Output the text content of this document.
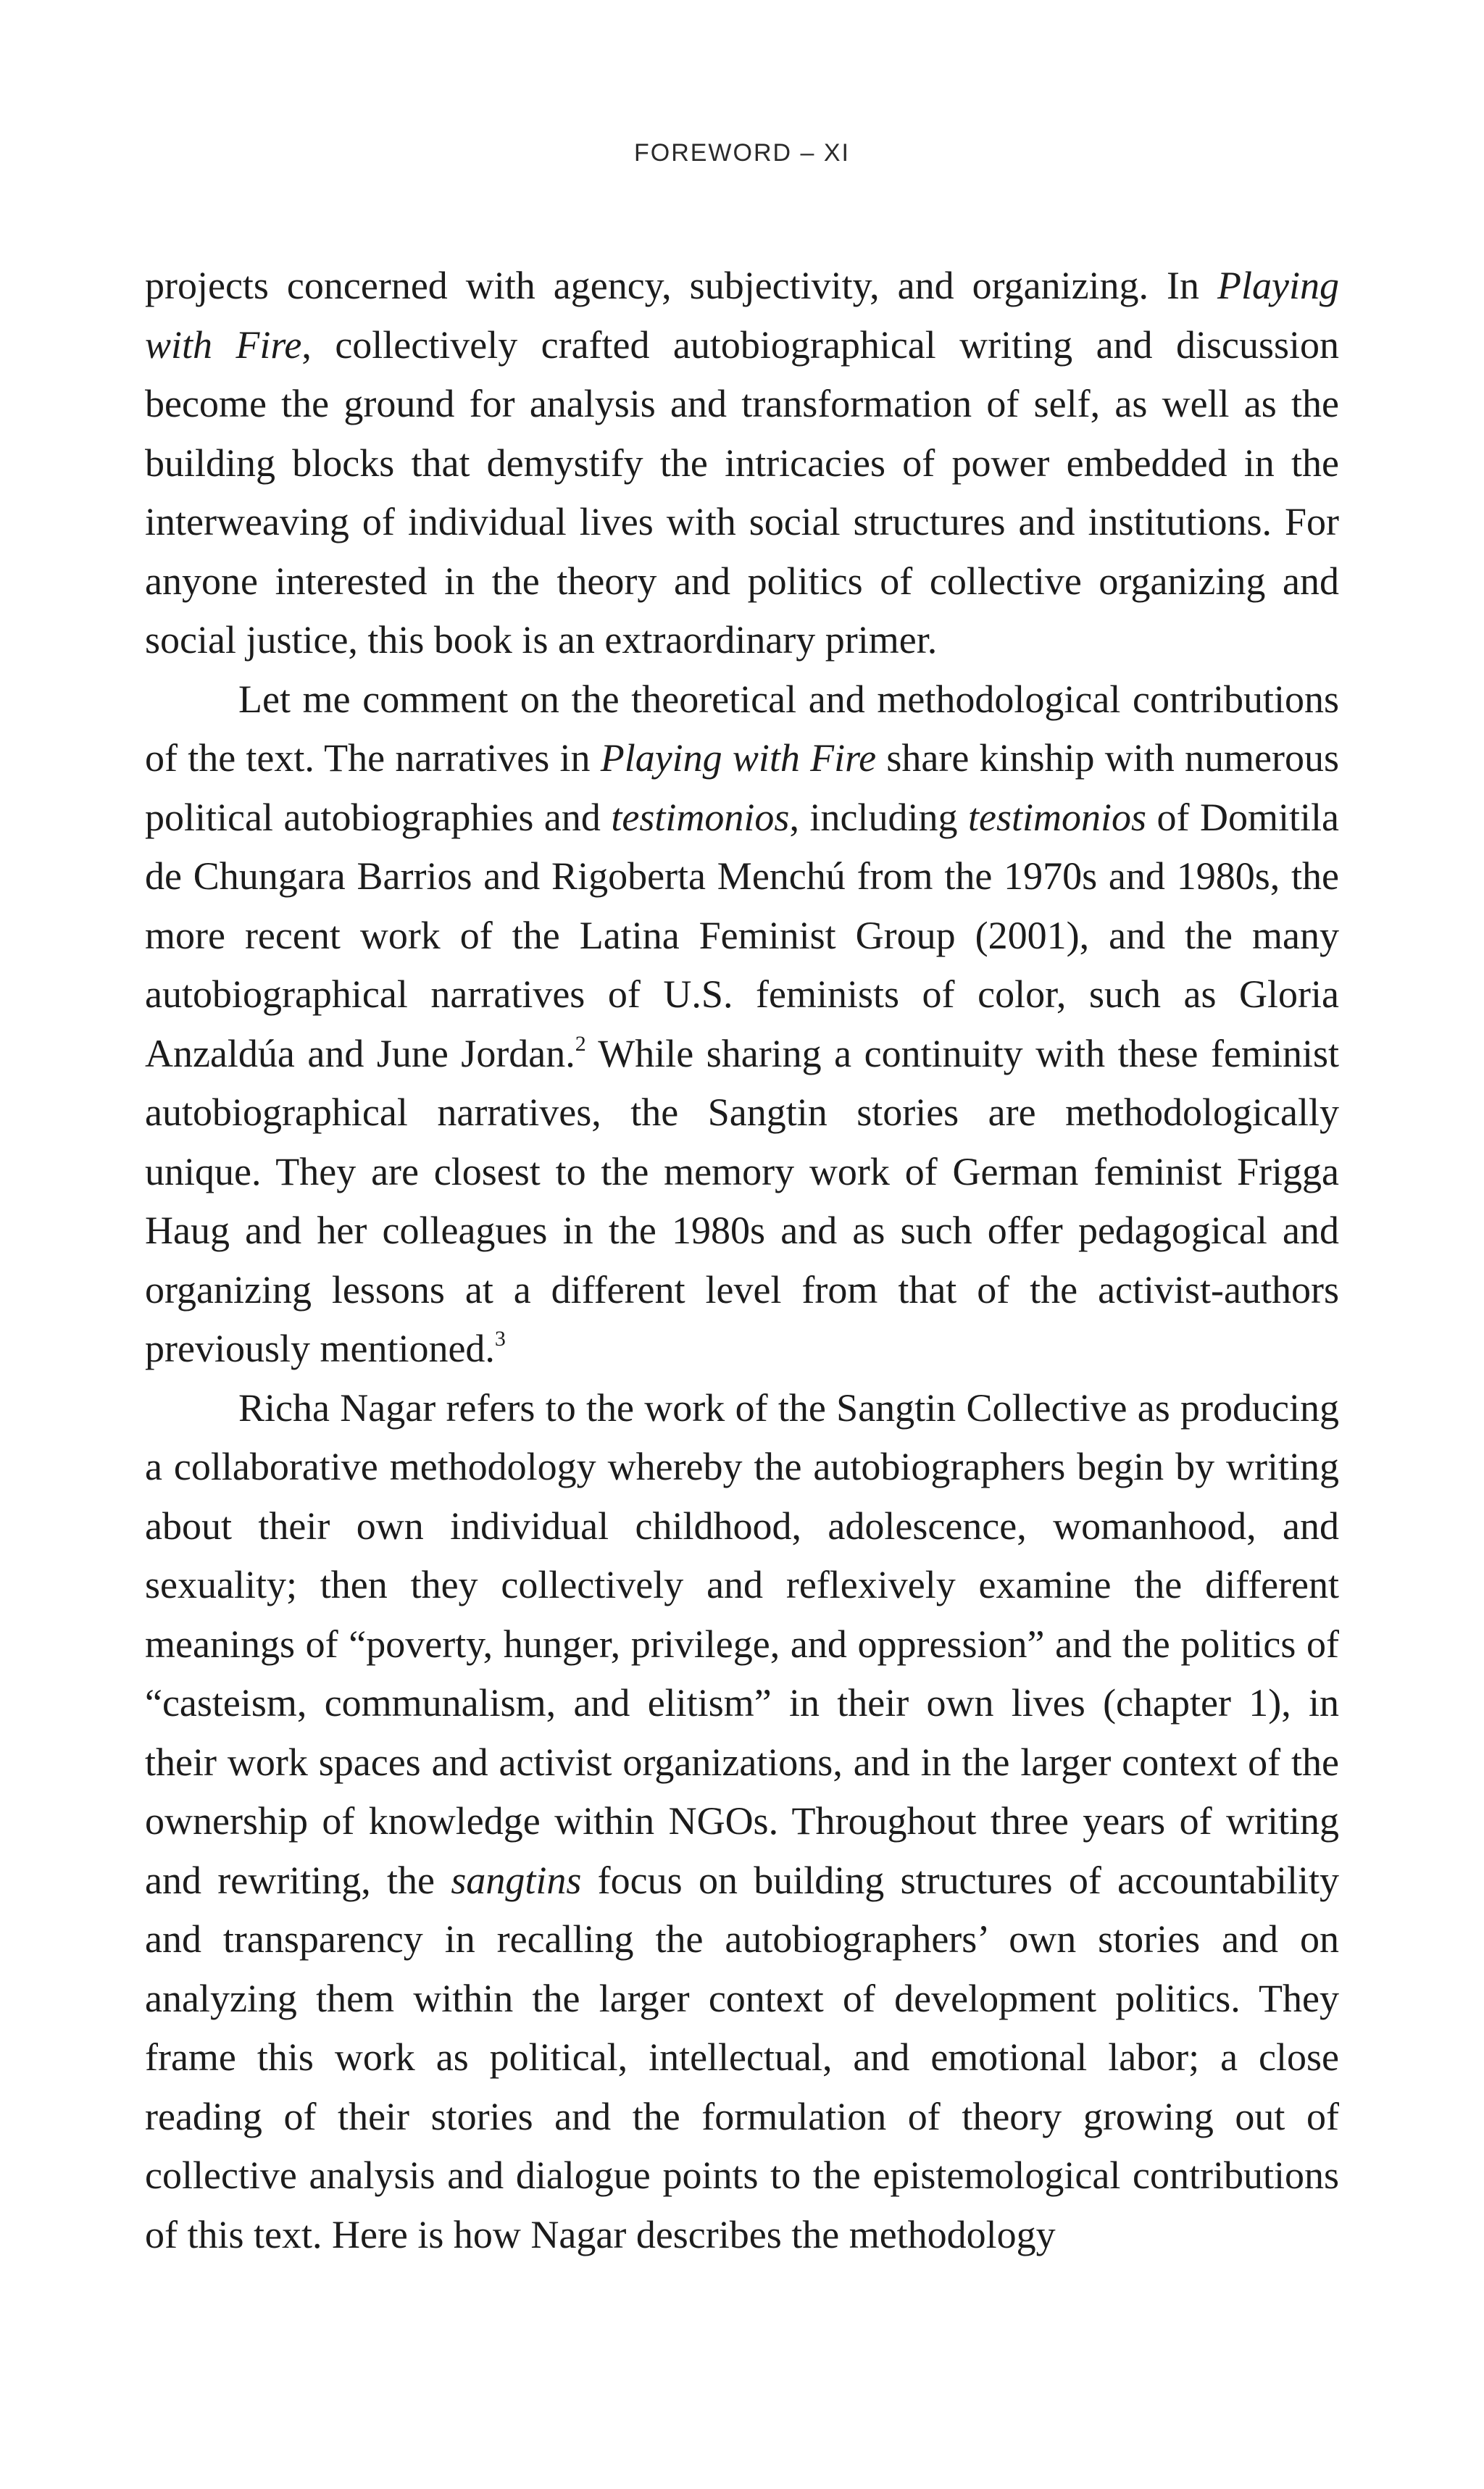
FOREWORD – XI

projects concerned with agency, subjectivity, and organizing. In Playing with Fire, collectively crafted autobiographical writing and discussion become the ground for analysis and transformation of self, as well as the building blocks that demystify the intricacies of power embedded in the interweaving of individual lives with social structures and institutions. For anyone interested in the theory and politics of collective organizing and social justice, this book is an extraordinary primer.

Let me comment on the theoretical and methodological contributions of the text. The narratives in Playing with Fire share kinship with numerous political autobiographies and testimonios, including testimonios of Domitila de Chungara Barrios and Rigoberta Menchú from the 1970s and 1980s, the more recent work of the Latina Feminist Group (2001), and the many autobiographical narratives of U.S. feminists of color, such as Gloria Anzaldúa and June Jordan.$^2$ While sharing a continuity with these feminist autobiographical narratives, the Sangtin stories are methodologically unique. They are closest to the memory work of German feminist Frigga Haug and her colleagues in the 1980s and as such offer pedagogical and organizing lessons at a different level from that of the activist-authors previously mentioned.$^3$

Richa Nagar refers to the work of the Sangtin Collective as producing a collaborative methodology whereby the autobiographers begin by writing about their own individual childhood, adolescence, womanhood, and sexuality; then they collectively and reflexively examine the different meanings of “poverty, hunger, privilege, and oppression” and the politics of “casteism, communalism, and elitism” in their own lives (chapter 1), in their work spaces and activist organizations, and in the larger context of the ownership of knowledge within NGOs. Throughout three years of writing and rewriting, the sangtins focus on building structures of accountability and transparency in recalling the autobiographers’ own stories and on analyzing them within the larger context of development politics. They frame this work as political, intellectual, and emotional labor; a close reading of their stories and the formulation of theory growing out of collective analysis and dialogue points to the epistemological contributions of this text. Here is how Nagar describes the methodology
